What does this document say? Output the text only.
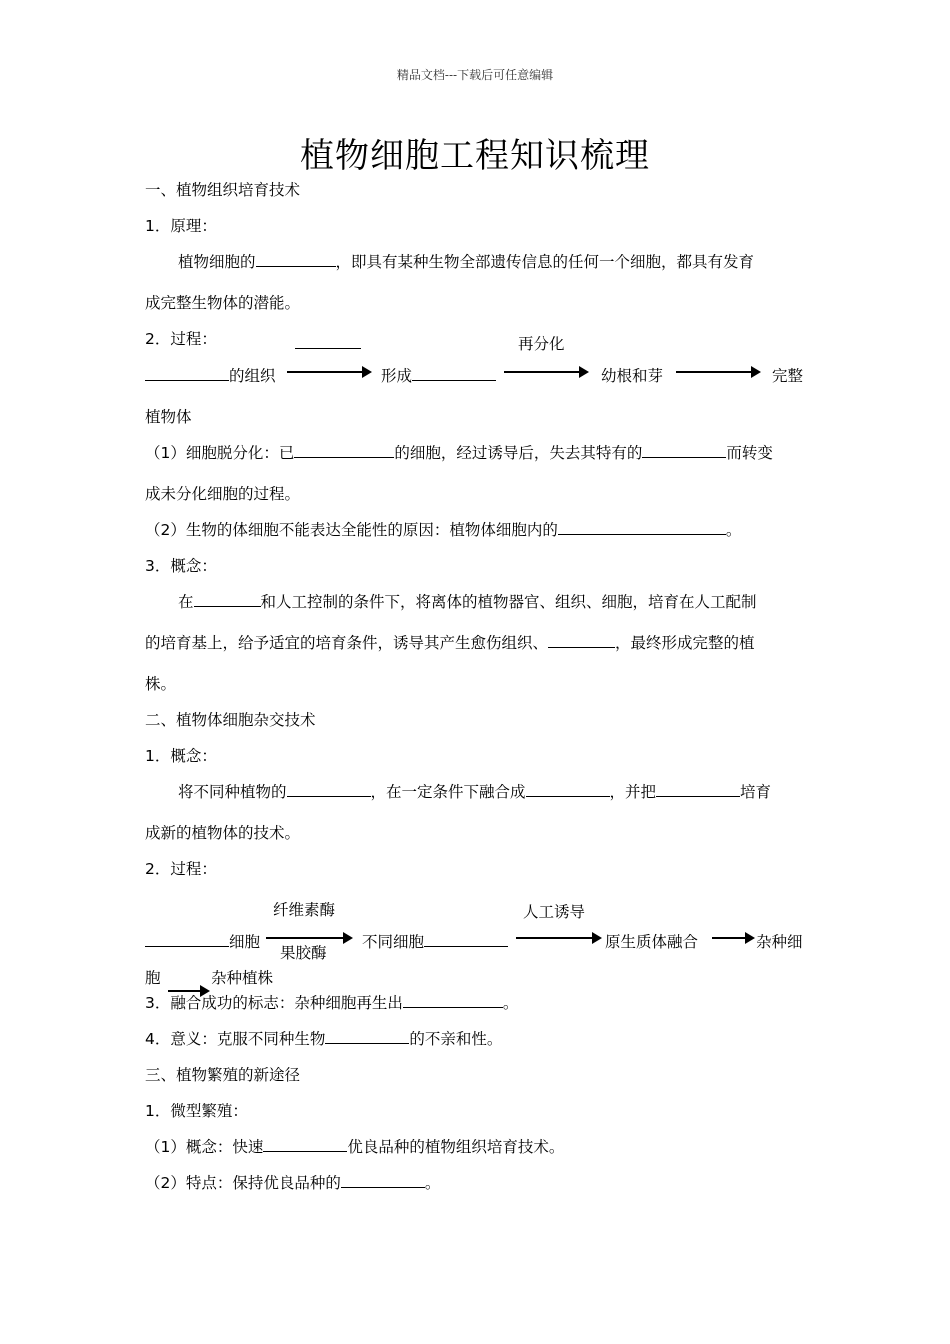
精品文档---下载后可任意编辑
植物细胞工程知识梳理
一、植物组织培育技术
1．原理：
植物细胞的	，即具有某种生物全部遗传信息的任何一个细胞，都具有发育
成完整生物体的潜能。
2．过程：	再分化
的组织	形成	幼根和芽	完整
植物体
（1）细胞脱分化：已	的细胞，经过诱导后，失去其特有的	而转变
成未分化细胞的过程。
（2）生物的体细胞不能表达全能性的原因：植物体细胞内的	。
3．概念：
在	和人工控制的条件下，将离体的植物器官、组织、细胞，培育在人工配制
的培育基上，给予适宜的培育条件，诱导其产生愈伤组织、	，最终形成完整的植
株。
二、植物体细胞杂交技术
1．概念：
将不同种植物的	，在一定条件下融合成	，并把	培育
成新的植物体的技术。
2．过程：
纤维素酶	人工诱导
细胞
果胶酶
不同细胞	原生质体融合	杂种细
胞	杂种植株
3．融合成功的标志：杂种细胞再生出	。
4．意义：克服不同种生物	的不亲和性。
三、植物繁殖的新途径
1．微型繁殖：
（1）概念：快速	优良品种的植物组织培育技术。
（2）特点：保持优良品种的	。
